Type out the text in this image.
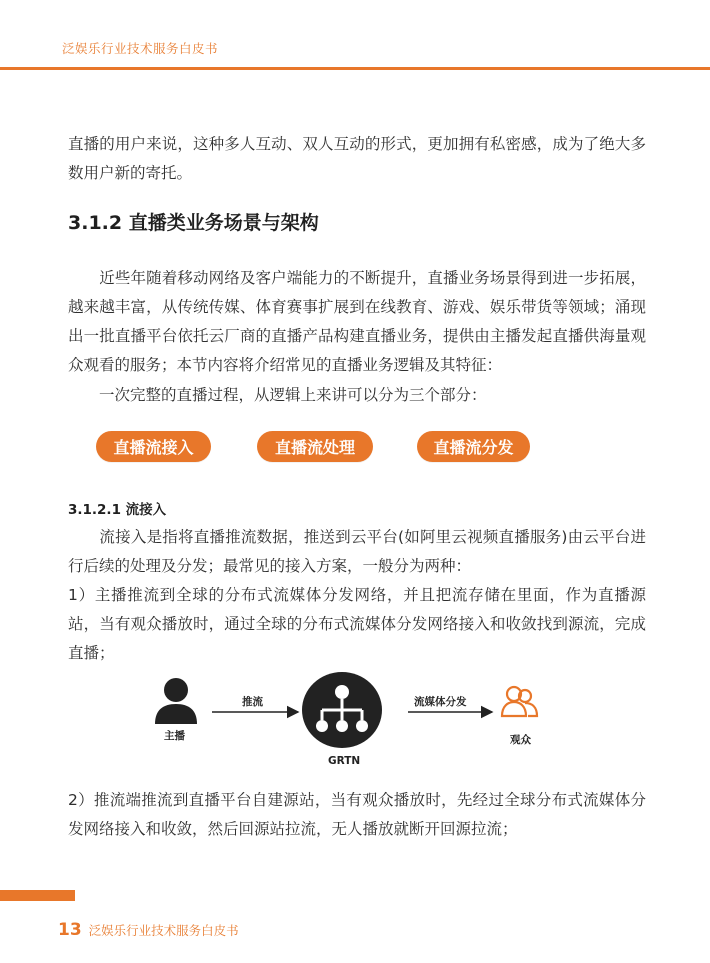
泛娱乐行业技术服务白皮书

直播的用户来说，这种多人互动、双人互动的形式，更加拥有私密感，成为了绝大多数用户新的寄托。

3.1.2 直播类业务场景与架构

　　近些年随着移动网络及客户端能力的不断提升，直播业务场景得到进一步拓展，越来越丰富，从传统传媒、体育赛事扩展到在线教育、游戏、娱乐带货等领域；涌现出一批直播平台依托云厂商的直播产品构建直播业务，提供由主播发起直播供海量观众观看的服务；本节内容将介绍常见的直播业务逻辑及其特征：

　　一次完整的直播过程，从逻辑上来讲可以分为三个部分：

直播流接入	直播流处理	直播流分发
3.1.2.1 流接入

　　流接入是指将直播推流数据，推送到云平台(如阿里云视频直播服务)由云平台进行后续的处理及分发；最常见的接入方案，一般分为两种：

1）主播推流到全球的分布式流媒体分发网络，并且把流存储在里面，作为直播源站，当有观众播放时，通过全球的分布式流媒体分发网络接入和收敛找到源流，完成直播；

主播
推流
GRTN
流媒体分发
观众

2）推流端推流到直播平台自建源站，当有观众播放时，先经过全球分布式流媒体分发网络接入和收敛，然后回源站拉流，无人播放就断开回源拉流；

13 泛娱乐行业技术服务白皮书
